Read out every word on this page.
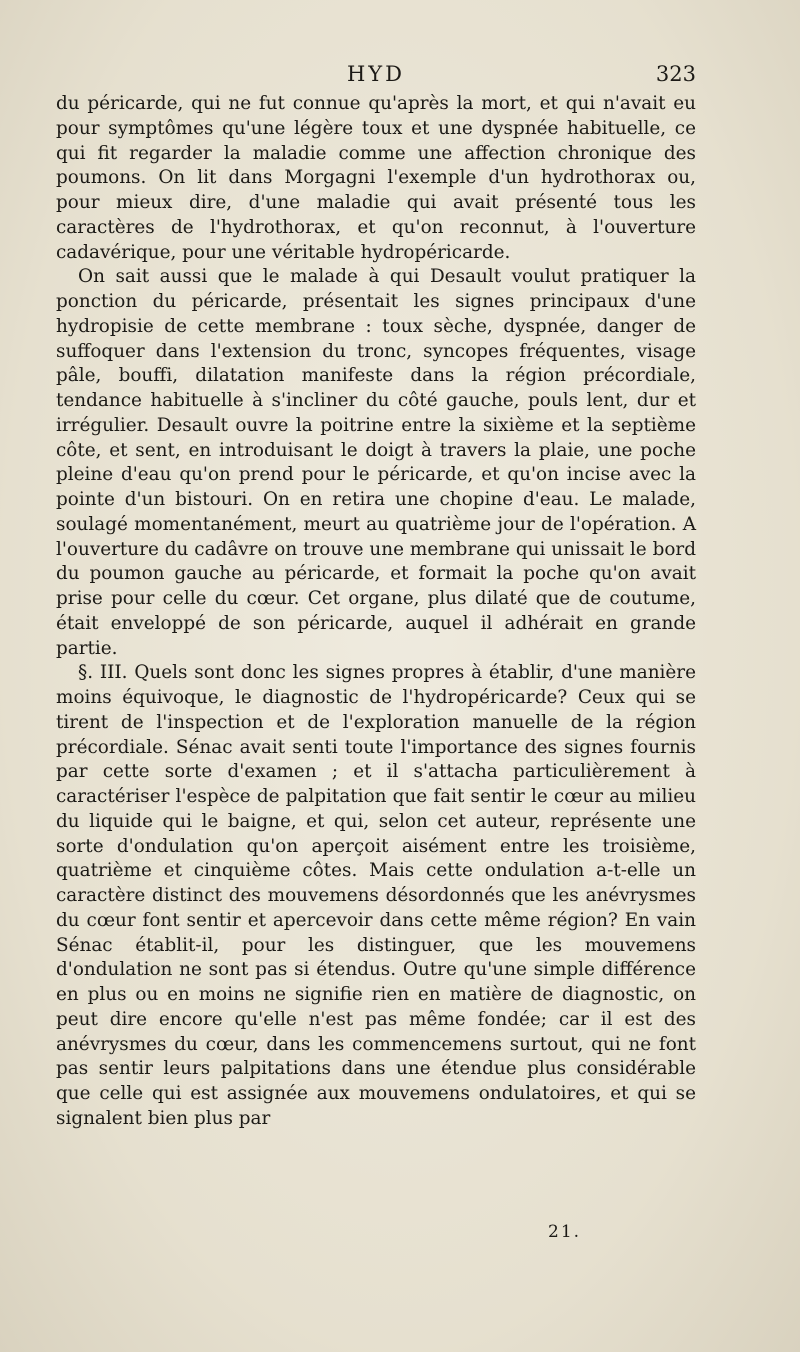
HYD	323

du péricarde, qui ne fut connue qu'après la mort, et qui n'avait eu pour symptômes qu'une légère toux et une dyspnée habituelle, ce qui fit regarder la maladie comme une affection chronique des poumons. On lit dans Morgagni l'exemple d'un hydrothorax ou, pour mieux dire, d'une maladie qui avait présenté tous les caractères de l'hydrothorax, et qu'on reconnut, à l'ouverture cadavérique, pour une véritable hydropéricarde.

On sait aussi que le malade à qui Desault voulut pratiquer la ponction du péricarde, présentait les signes principaux d'une hydropisie de cette membrane : toux sèche, dyspnée, danger de suffoquer dans l'extension du tronc, syncopes fréquentes, visage pâle, bouffi, dilatation manifeste dans la région précordiale, tendance habituelle à s'incliner du côté gauche, pouls lent, dur et irrégulier. Desault ouvre la poitrine entre la sixième et la septième côte, et sent, en introduisant le doigt à travers la plaie, une poche pleine d'eau qu'on prend pour le péricarde, et qu'on incise avec la pointe d'un bistouri. On en retira une chopine d'eau. Le malade, soulagé momentanément, meurt au quatrième jour de l'opération. A l'ouverture du cadâvre on trouve une membrane qui unissait le bord du poumon gauche au péricarde, et formait la poche qu'on avait prise pour celle du cœur. Cet organe, plus dilaté que de coutume, était enveloppé de son péricarde, auquel il adhérait en grande partie.

§. III. Quels sont donc les signes propres à établir, d'une manière moins équivoque, le diagnostic de l'hydropéricarde? Ceux qui se tirent de l'inspection et de l'exploration manuelle de la région précordiale. Sénac avait senti toute l'importance des signes fournis par cette sorte d'examen ; et il s'attacha particulièrement à caractériser l'espèce de palpitation que fait sentir le cœur au milieu du liquide qui le baigne, et qui, selon cet auteur, représente une sorte d'ondulation qu'on aperçoit aisément entre les troisième, quatrième et cinquième côtes. Mais cette ondulation a-t-elle un caractère distinct des mouvemens désordonnés que les anévrysmes du cœur font sentir et apercevoir dans cette même région? En vain Sénac établit-il, pour les distinguer, que les mouvemens d'ondulation ne sont pas si étendus. Outre qu'une simple différence en plus ou en moins ne signifie rien en matière de diagnostic, on peut dire encore qu'elle n'est pas même fondée; car il est des anévrysmes du cœur, dans les commencemens surtout, qui ne font pas sentir leurs palpitations dans une étendue plus considérable que celle qui est assignée aux mouvemens ondulatoires, et qui se signalent bien plus par

21.
